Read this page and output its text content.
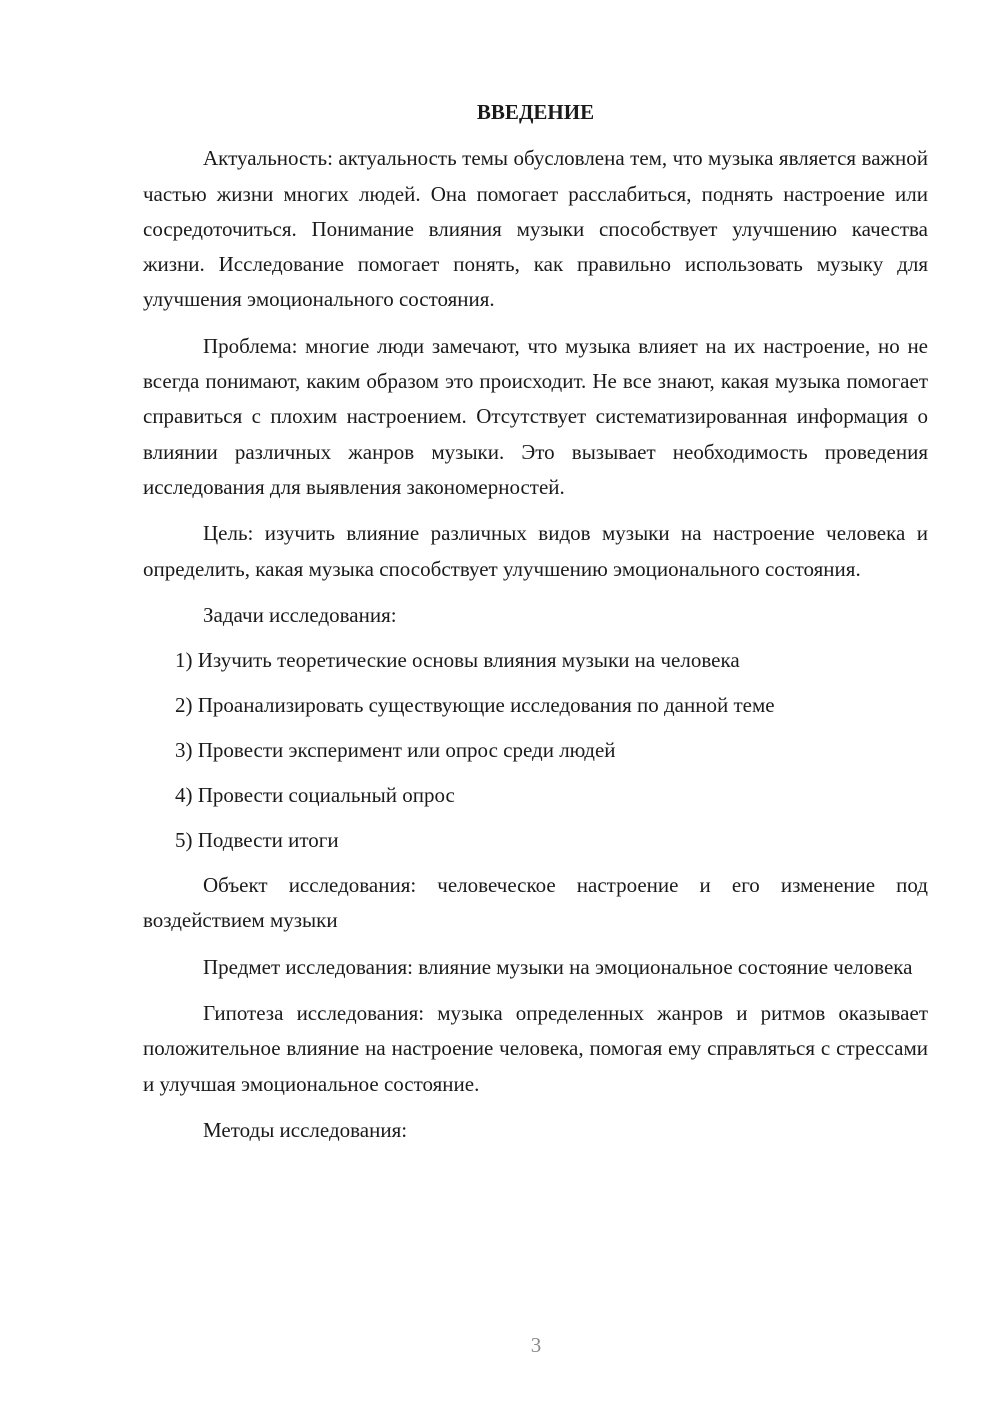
ВВЕДЕНИЕ

Актуальность: актуальность темы обусловлена тем, что музыка является важной частью жизни многих людей. Она помогает расслабиться, поднять настроение или сосредоточиться. Понимание влияния музыки способствует улучшению качества жизни. Исследование помогает понять, как правильно использовать музыку для улучшения эмоционального состояния.

Проблема: многие люди замечают, что музыка влияет на их настроение, но не всегда понимают, каким образом это происходит. Не все знают, какая музыка помогает справиться с плохим настроением. Отсутствует систематизированная информация о влиянии различных жанров музыки. Это вызывает необходимость проведения исследования для выявления закономерностей.

Цель: изучить влияние различных видов музыки на настроение человека и определить, какая музыка способствует улучшению эмоционального состояния.

Задачи исследования:

1) Изучить теоретические основы влияния музыки на человека
2) Проанализировать существующие исследования по данной теме
3) Провести эксперимент или опрос среди людей
4) Провести социальный опрос
5) Подвести итоги

Объект исследования: человеческое настроение и его изменение под воздействием музыки

Предмет исследования: влияние музыки на эмоциональное состояние человека

Гипотеза исследования: музыка определенных жанров и ритмов оказывает положительное влияние на настроение человека, помогая ему справляться с стрессами и улучшая эмоциональное состояние.

Методы исследования:

3
